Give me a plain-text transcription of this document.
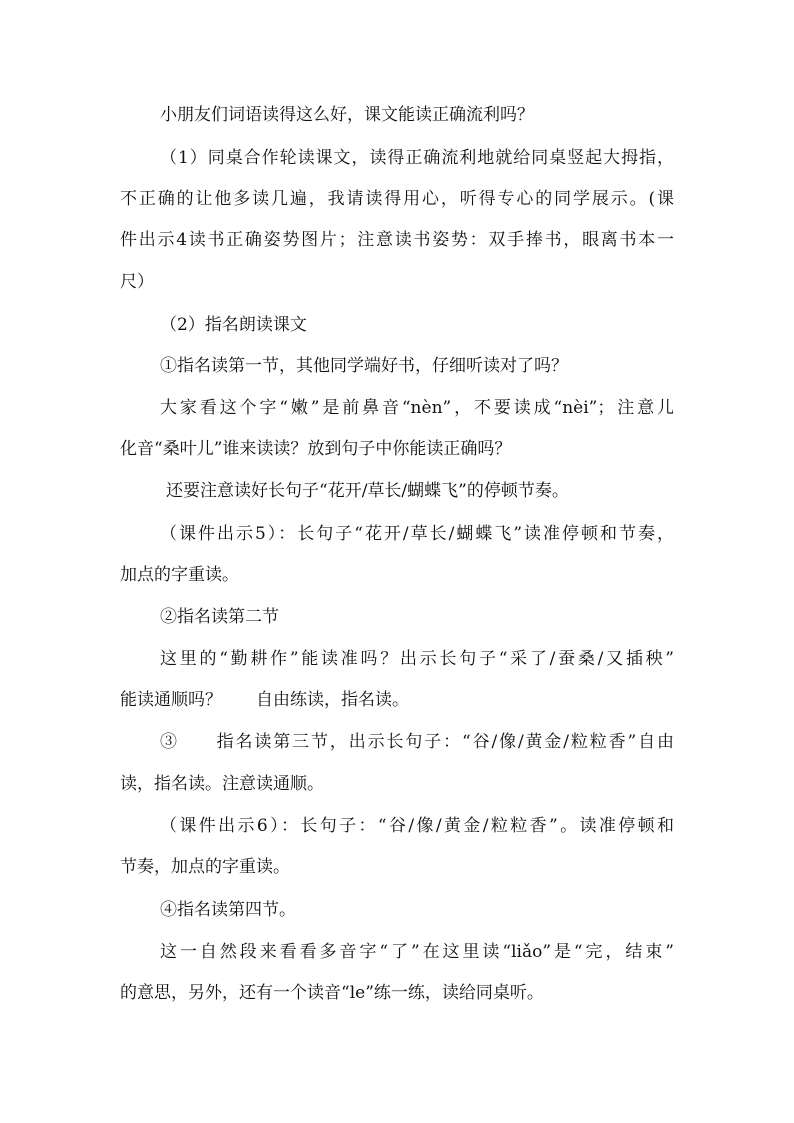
小朋友们词语读得这么好，课文能读正确流利吗？
（1）同桌合作轮读课文，读得正确流利地就给同桌竖起大拇指，
不正确的让他多读几遍，我请读得用心，听得专心的同学展示。(课
件出示4读书正确姿势图片；注意读书姿势：双手捧书，眼离书本一
尺）
（2）指名朗读课文
①指名读第一节，其他同学端好书，仔细听读对了吗？
大家看这个字“嫩”是前鼻音“nèn”，不要读成“nèi”；注意儿
化音“桑叶儿”谁来读读？放到句子中你能读正确吗？
还要注意读好长句子“花开/草长/蝴蝶飞”的停顿节奏。
（课件出示5）：长句子“花开/草长/蝴蝶飞”读准停顿和节奏，
加点的字重读。
②指名读第二节
这里的“勤耕作”能读准吗？出示长句子“采了/蚕桑/又插秧”
能读通顺吗？　　自由练读，指名读。
③　　指名读第三节，出示长句子：“谷/像/黄金/粒粒香”自由
读，指名读。注意读通顺。
（课件出示6）：长句子：“谷/像/黄金/粒粒香”。读准停顿和
节奏，加点的字重读。
④指名读第四节。
这一自然段来看看多音字“了”在这里读“liǎo”是“完，结束”
的意思，另外，还有一个读音“le”练一练，读给同桌听。
